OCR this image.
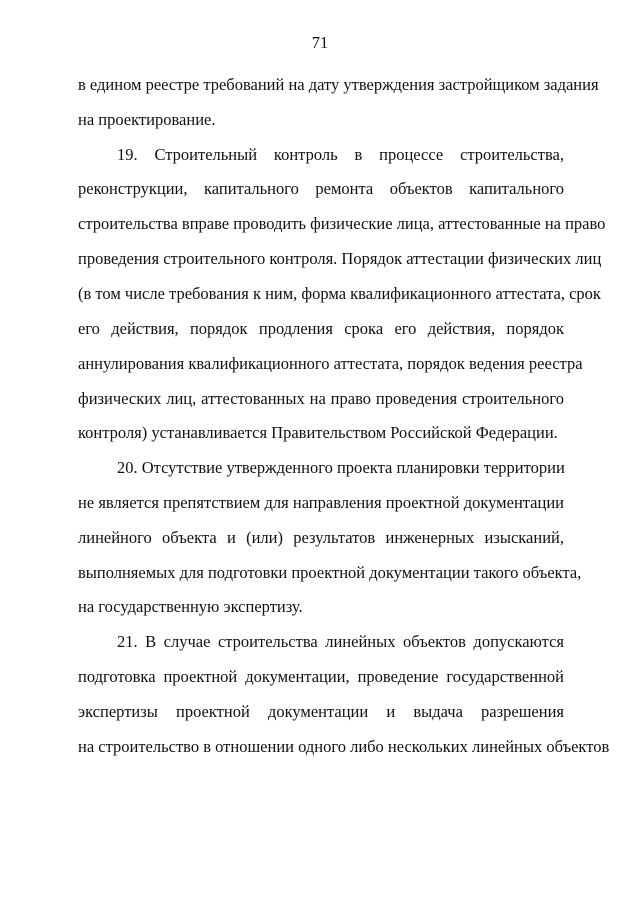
71
в едином реестре требований на дату утверждения застройщиком задания
на проектирование.
19. Строительный контроль в процессе строительства,
реконструкции, капитального ремонта объектов капитального
строительства вправе проводить физические лица, аттестованные на право
проведения строительного контроля. Порядок аттестации физических лиц
(в том числе требования к ним, форма квалификационного аттестата, срок
его действия, порядок продления срока его действия, порядок
аннулирования квалификационного аттестата, порядок ведения реестра
физических лиц, аттестованных на право проведения строительного
контроля) устанавливается Правительством Российской Федерации.
20. Отсутствие утвержденного проекта планировки территории
не является препятствием для направления проектной документации
линейного объекта и (или) результатов инженерных изысканий,
выполняемых для подготовки проектной документации такого объекта,
на государственную экспертизу.
21. В случае строительства линейных объектов допускаются
подготовка проектной документации, проведение государственной
экспертизы проектной документации и выдача разрешения
на строительство в отношении одного либо нескольких линейных объектов
